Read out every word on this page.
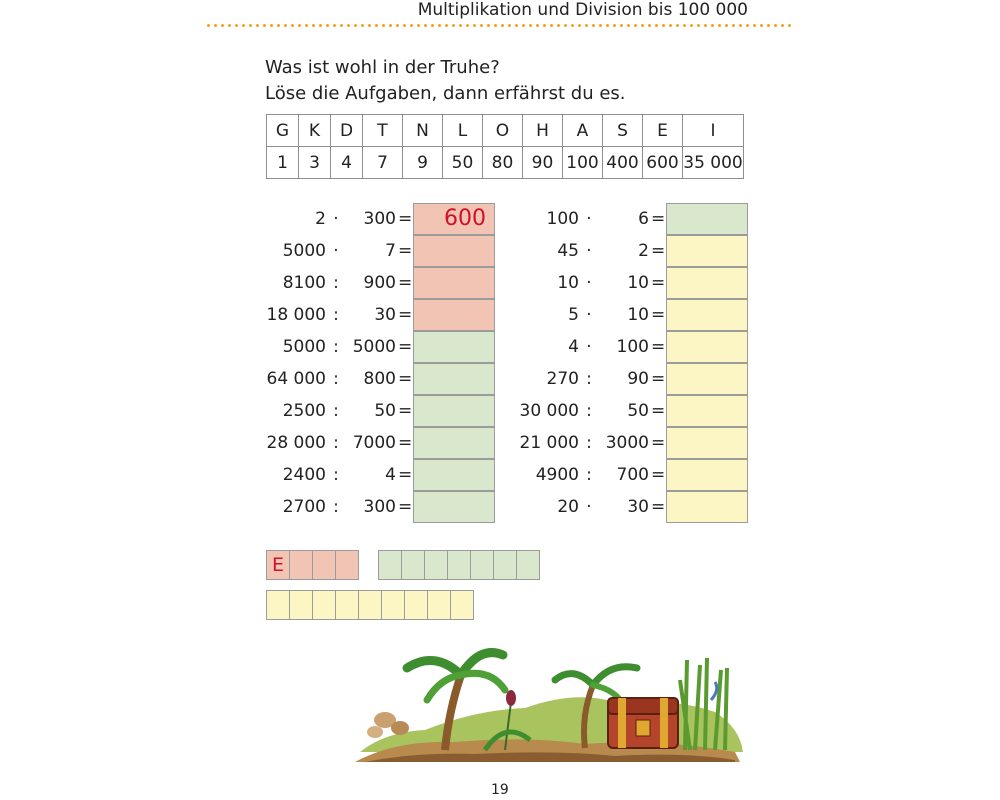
Multiplikation und Division bis 100 000
Was ist wohl in der Truhe?
Löse die Aufgaben, dann erfährst du es.
G	K	D	T	N	L	O	H	A	S	E	I
1	3	4	7	9	50	80	90	100	400	600	35 000
2 ·	300 =	600
5000 ·	7 =
8100 :	900 =
18 000 :	30 =
5000 : 5000 =
64 000 :	800 =
2500 :	50 =
28 000 : 7000 =
2400 :	4 =
2700 :	300 =
100 ·	6 =
45 ·	2 =
10 ·	10 =
5 ·	10 =
4 ·	100 =
270 :	90 =
30 000 :	50 =
21 000 : 3000 =
4900 :	700 =
20 ·	30 =
E
19
